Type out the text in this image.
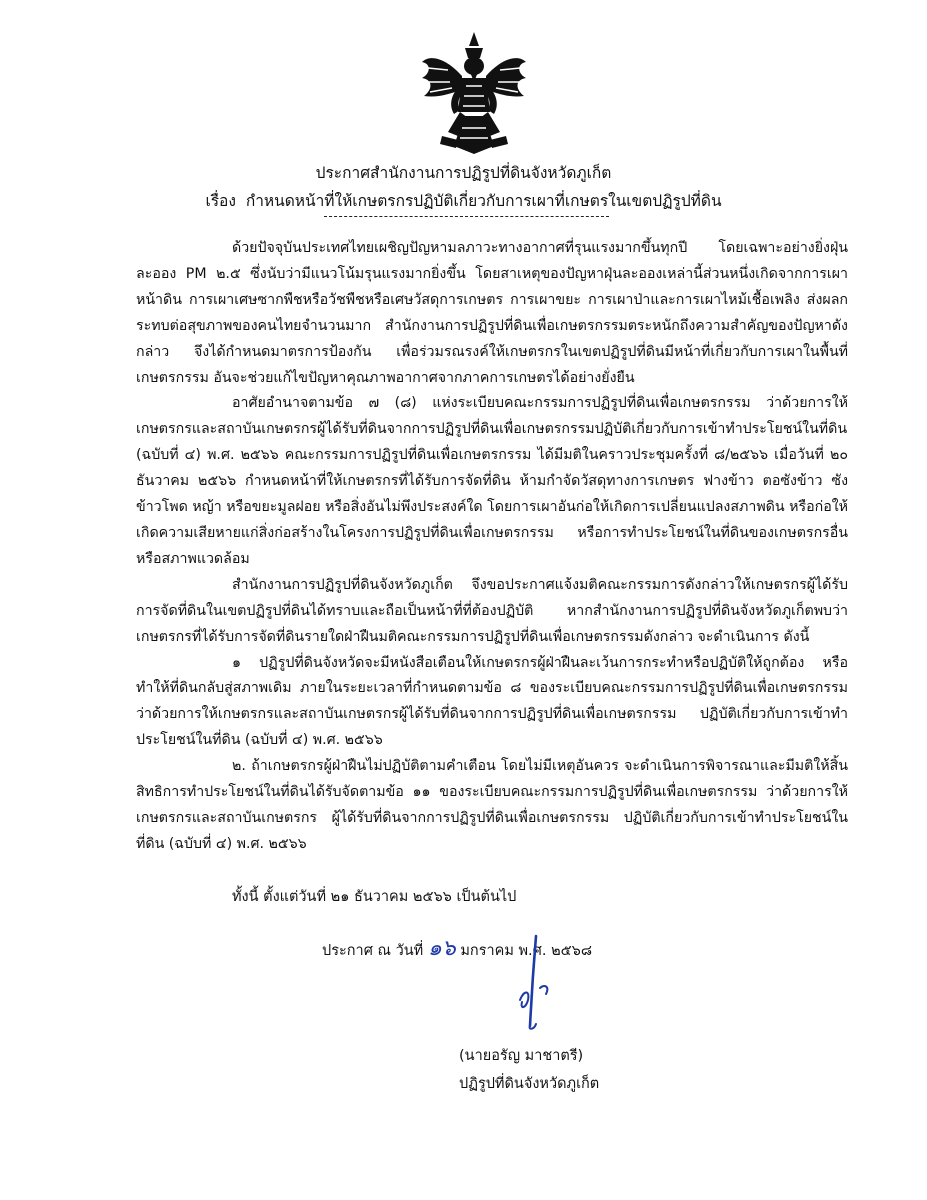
ประกาศสำนักงานการปฏิรูปที่ดินจังหวัดภูเก็ต
เรื่อง กำหนดหน้าที่ให้เกษตรกรปฏิบัติเกี่ยวกับการเผาที่เกษตรในเขตปฏิรูปที่ดิน

ด้วยปัจจุบันประเทศไทยเผชิญปัญหามลภาวะทางอากาศที่รุนแรงมากขึ้นทุกปี โดยเฉพาะอย่างยิ่งฝุ่นละออง PM ๒.๕ ซึ่งนับว่ามีแนวโน้มรุนแรงมากยิ่งขึ้น โดยสาเหตุของปัญหาฝุ่นละอองเหล่านี้ส่วนหนึ่งเกิดจากการเผาหน้าดิน การเผาเศษซากพืชหรือวัชพืชหรือเศษวัสดุการเกษตร การเผาขยะ การเผาป่าและการเผาไหม้เชื้อเพลิง ส่งผลกระทบต่อสุขภาพของคนไทยจำนวนมาก สำนักงานการปฏิรูปที่ดินเพื่อเกษตรกรรมตระหนักถึงความสำคัญของปัญหาดังกล่าว จึงได้กำหนดมาตรการป้องกัน เพื่อร่วมรณรงค์ให้เกษตรกรในเขตปฏิรูปที่ดินมีหน้าที่เกี่ยวกับการเผาในพื้นที่เกษตรกรรม อันจะช่วยแก้ไขปัญหาคุณภาพอากาศจากภาคการเกษตรได้อย่างยั่งยืน

อาศัยอำนาจตามข้อ ๗ (๘) แห่งระเบียบคณะกรรมการปฏิรูปที่ดินเพื่อเกษตรกรรม ว่าด้วยการให้เกษตรกรและสถาบันเกษตรกรผู้ได้รับที่ดินจากการปฏิรูปที่ดินเพื่อเกษตรกรรมปฏิบัติเกี่ยวกับการเข้าทำประโยชน์ในที่ดิน (ฉบับที่ ๔) พ.ศ. ๒๕๖๖ คณะกรรมการปฏิรูปที่ดินเพื่อเกษตรกรรม ได้มีมติในคราวประชุมครั้งที่ ๘/๒๕๖๖ เมื่อวันที่ ๒๐ ธันวาคม ๒๕๖๖ กำหนดหน้าที่ให้เกษตรกรที่ได้รับการจัดที่ดิน ห้ามกำจัดวัสดุทางการเกษตร ฟางข้าว ตอซังข้าว ซังข้าวโพด หญ้า หรือขยะมูลฝอย หรือสิ่งอันไม่พึงประสงค์ใด โดยการเผาอันก่อให้เกิดการเปลี่ยนแปลงสภาพดิน หรือก่อให้เกิดความเสียหายแก่สิ่งก่อสร้างในโครงการปฏิรูปที่ดินเพื่อเกษตรกรรม หรือการทำประโยชน์ในที่ดินของเกษตรกรอื่น หรือสภาพแวดล้อม

สำนักงานการปฏิรูปที่ดินจังหวัดภูเก็ต จึงขอประกาศแจ้งมติคณะกรรมการดังกล่าวให้เกษตรกรผู้ได้รับการจัดที่ดินในเขตปฏิรูปที่ดินได้ทราบและถือเป็นหน้าที่ที่ต้องปฏิบัติ หากสำนักงานการปฏิรูปที่ดินจังหวัดภูเก็ตพบว่าเกษตรกรที่ได้รับการจัดที่ดินรายใดฝ่าฝืนมติคณะกรรมการปฏิรูปที่ดินเพื่อเกษตรกรรมดังกล่าว จะดำเนินการ ดังนี้

๑ ปฏิรูปที่ดินจังหวัดจะมีหนังสือเตือนให้เกษตรกรผู้ฝ่าฝืนละเว้นการกระทำหรือปฏิบัติให้ถูกต้อง หรือทำให้ที่ดินกลับสู่สภาพเดิม ภายในระยะเวลาที่กำหนดตามข้อ ๘ ของระเบียบคณะกรรมการปฏิรูปที่ดินเพื่อเกษตรกรรมว่าด้วยการให้เกษตรกรและสถาบันเกษตรกรผู้ได้รับที่ดินจากการปฏิรูปที่ดินเพื่อเกษตรกรรม ปฏิบัติเกี่ยวกับการเข้าทำประโยชน์ในที่ดิน (ฉบับที่ ๔) พ.ศ. ๒๕๖๖

๒. ถ้าเกษตรกรผู้ฝ่าฝืนไม่ปฏิบัติตามคำเตือน โดยไม่มีเหตุอันควร จะดำเนินการพิจารณาและมีมติให้สิ้นสิทธิการทำประโยชน์ในที่ดินได้รับจัดตามข้อ ๑๑ ของระเบียบคณะกรรมการปฏิรูปที่ดินเพื่อเกษตรกรรม ว่าด้วยการให้เกษตรกรและสถาบันเกษตรกร ผู้ได้รับที่ดินจากการปฏิรูปที่ดินเพื่อเกษตรกรรม ปฏิบัติเกี่ยวกับการเข้าทำประโยชน์ในที่ดิน (ฉบับที่ ๔) พ.ศ. ๒๕๖๖

ทั้งนี้ ตั้งแต่วันที่ ๒๑ ธันวาคม ๒๕๖๖ เป็นต้นไป
ประกาศ ณ วันที่ ๑๖ มกราคม พ.ศ. ๒๕๖๘
(นายอรัญ มาชาตรี)
ปฏิรูปที่ดินจังหวัดภูเก็ต
